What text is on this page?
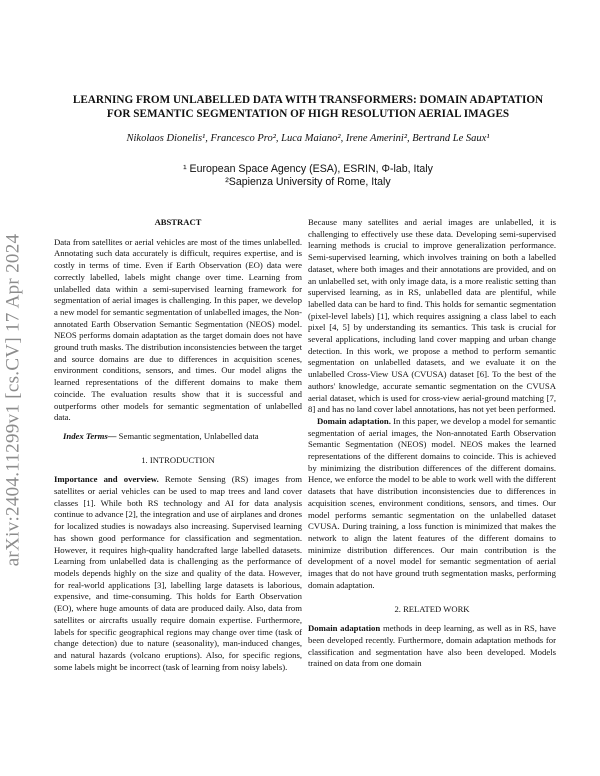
arXiv:2404.11299v1 [cs.CV] 17 Apr 2024
LEARNING FROM UNLABELLED DATA WITH TRANSFORMERS: DOMAIN ADAPTATION
FOR SEMANTIC SEGMENTATION OF HIGH RESOLUTION AERIAL IMAGES
Nikolaos Dionelis¹, Francesco Pro², Luca Maiano², Irene Amerini², Bertrand Le Saux¹
¹ European Space Agency (ESA), ESRIN, Φ-lab, Italy
²Sapienza University of Rome, Italy

ABSTRACT

Data from satellites or aerial vehicles are most of the times unlabelled. Annotating such data accurately is difficult, requires expertise, and is costly in terms of time. Even if Earth Observation (EO) data were correctly labelled, labels might change over time. Learning from unlabelled data within a semi-supervised learning framework for segmentation of aerial images is challenging. In this paper, we develop a new model for semantic segmentation of unlabelled images, the Non-annotated Earth Observation Semantic Segmentation (NEOS) model. NEOS performs domain adaptation as the target domain does not have ground truth masks. The distribution inconsistencies between the target and source domains are due to differences in acquisition scenes, environment conditions, sensors, and times. Our model aligns the learned representations of the different domains to make them coincide. The evaluation results show that it is successful and outperforms other models for semantic segmentation of unlabelled data.

Index Terms— Semantic segmentation, Unlabelled data

1. INTRODUCTION

Importance and overview. Remote Sensing (RS) images from satellites or aerial vehicles can be used to map trees and land cover classes [1]. While both RS technology and AI for data analysis continue to advance [2], the integration and use of airplanes and drones for localized studies is nowadays also increasing. Supervised learning has shown good performance for classification and segmentation. However, it requires high-quality handcrafted large labelled datasets. Learning from unlabelled data is challenging as the performance of models depends highly on the size and quality of the data. However, for real-world applications [3], labelling large datasets is laborious, expensive, and time-consuming. This holds for Earth Observation (EO), where huge amounts of data are produced daily. Also, data from satellites or aircrafts usually require domain expertise. Furthermore, labels for specific geographical regions may change over time (task of change detection) due to nature (seasonality), man-induced changes, and natural hazards (volcano eruptions). Also, for specific regions, some labels might be incorrect (task of learning from noisy labels).

Because many satellites and aerial images are unlabelled, it is challenging to effectively use these data. Developing semi-supervised learning methods is crucial to improve generalization performance. Semi-supervised learning, which involves training on both a labelled dataset, where both images and their annotations are provided, and on an unlabelled set, with only image data, is a more realistic setting than supervised learning, as in RS, unlabelled data are plentiful, while labelled data can be hard to find. This holds for semantic segmentation (pixel-level labels) [1], which requires assigning a class label to each pixel [4, 5] by understanding its semantics. This task is crucial for several applications, including land cover mapping and urban change detection. In this work, we propose a method to perform semantic segmentation on unlabelled datasets, and we evaluate it on the unlabelled Cross-View USA (CVUSA) dataset [6]. To the best of the authors' knowledge, accurate semantic segmentation on the CVUSA aerial dataset, which is used for cross-view aerial-ground matching [7, 8] and has no land cover label annotations, has not yet been performed.

Domain adaptation. In this paper, we develop a model for semantic segmentation of aerial images, the Non-annotated Earth Observation Semantic Segmentation (NEOS) model. NEOS makes the learned representations of the different domains to coincide. This is achieved by minimizing the distribution differences of the different domains. Hence, we enforce the model to be able to work well with the different datasets that have distribution inconsistencies due to differences in acquisition scenes, environment conditions, sensors, and times. Our model performs semantic segmentation on the unlabelled dataset CVUSA. During training, a loss function is minimized that makes the network to align the latent features of the different domains to minimize distribution differences. Our main contribution is the development of a novel model for semantic segmentation of aerial images that do not have ground truth segmentation masks, performing domain adaptation.

2. RELATED WORK

Domain adaptation methods in deep learning, as well as in RS, have been developed recently. Furthermore, domain adaptation methods for classification and segmentation have also been developed. Models trained on data from one domain
